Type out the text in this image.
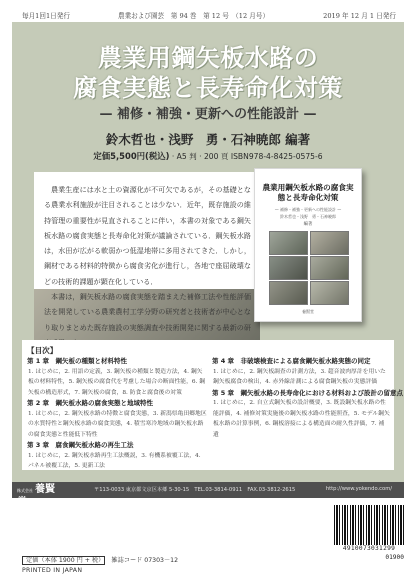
毎月1回1日発行	農業および園芸　第 94 巻　第 12 号　（12 月号）	2019 年 12 月 1 日発行
農業用鋼矢板水路の
腐食実態と長寿命化対策
— 補修・補強・更新への性能設計 —
鈴木哲也・浅野　勇・石神暁郎 編著
定価5,500円(税込) · A5 判 · 200 頁 ISBN978-4-8425-0575-6

農業生産には水と土の資源化が不可欠であるが，その基礎となる農業水利施設が注目されることは少ない．近年，既存施設の維持管理の重要性が見直されることに伴い，本書の対象である鋼矢板水路の腐食実態と長寿命化対策が議論されている．鋼矢板水路は，水田が広がる軟弱かつ低湿地帯に多用されてきた．しかし，鋼材である材料的特徴から腐食劣化が進行し，各地で座屈破壊などの技術的課題が顕在化している．

本書は，鋼矢板水路の腐食実態を踏まえた補修工法や性能評価法を開発している農業農村工学分野の研究者と技術者が中心となり取りまとめた既存施設の実態調査や技術開発に関する最新の研

農業用鋼矢板水路の腐食実態と長寿命化対策
— 補修・補強・更新への性能設計 —
鈴木哲也・浅野　勇・石神暁郎
編著
養賢堂
【目次】
第 1 章　鋼矢板の種類と材料特性
1. はじめに，2. 用語の定義，3. 鋼矢板の種類と製造方法，4. 鋼矢板の材料特性，5. 鋼矢板の腐食代を考慮した場合の断面性能，6. 鋼矢板の構造形式，7. 鋼矢板の腐食，8. 防食と腐食後の対策
第 2 章　鋼矢板水路の腐食実態と地域特性
1. はじめに，2. 鋼矢板水路の特徴と腐食実態，3. 新潟県亀田郷地区の水質特性と鋼矢板水路の腐食実態，4. 積雪寒冷地域の鋼矢板水路の腐食実態と性能低下特性
第 3 章　腐食鋼矢板水路の再生工法
1. はじめに，2. 鋼矢板水路再生工法概説，3. 有機系被覆工法，4. パネル被覆工法，5. 更新工法
第 4 章　非破壊検査による腐食鋼矢板水路実態の同定
1. はじめに，2. 鋼矢板調査の計測方法，3. 超音波肉厚計を用いた鋼矢板腐食の検出，4. 赤外線計測による腐食鋼矢板の実態評価
第 5 章　鋼矢板水路の長寿命化における材料および設計の留意点
1. はじめに，2. 自立式鋼矢板の設計概要，3. 既設鋼矢板水路の性能評価，4. 補修対策実施後の鋼矢板水路の性能照査，5. モデル鋼矢板水路の計算事例，6. 鋼板溶接による構造面の耐久性評価，7. 補遺
株式会社 養賢堂
〒113-0033 東京都文京区本郷 5-30-15　TEL.03-3814-0911　FAX.03-3812-2615	http://www.yokendo.com/
4910073031299
01900
定価（本体 1900 円 + 税）　 雑誌コード 07303－12
PRINTED IN JAPAN
